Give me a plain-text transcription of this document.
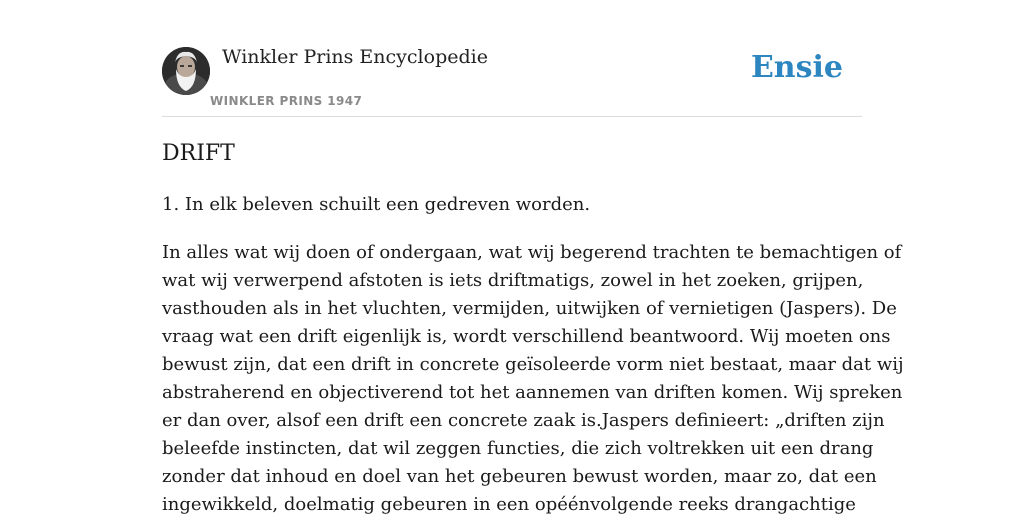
Winkler Prins Encyclopedie
WINKLER PRINS 1947
Ensie
DRIFT

1. In elk beleven schuilt een gedreven worden.

In alles wat wij doen of ondergaan, wat wij begerend trachten te bemachtigen of
wat wij verwerpend afstoten is iets driftmatigs, zowel in het zoeken, grijpen,
vasthouden als in het vluchten, vermijden, uitwijken of vernietigen (Jaspers). De
vraag wat een drift eigenlijk is, wordt verschillend beantwoord. Wij moeten ons
bewust zijn, dat een drift in concrete geïsoleerde vorm niet bestaat, maar dat wij
abstraherend en objectiverend tot het aannemen van driften komen. Wij spreken
er dan over, alsof een drift een concrete zaak is.Jaspers definieert: „driften zijn
beleefde instincten, dat wil zeggen functies, die zich voltrekken uit een drang
zonder dat inhoud en doel van het gebeuren bewust worden, maar zo, dat een
ingewikkeld, doelmatig gebeuren in een opéénvolgende reeks drangachtige
